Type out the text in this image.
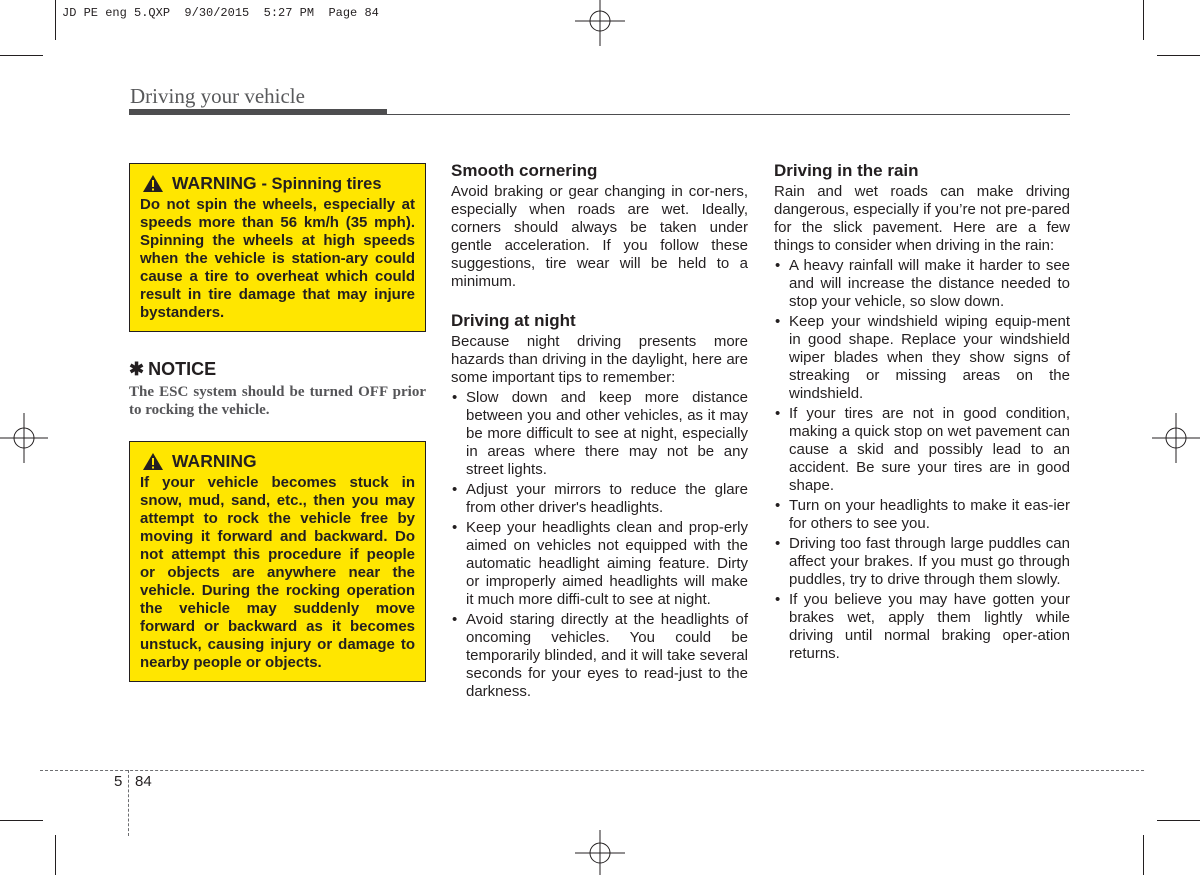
JD PE eng 5.QXP  9/30/2015  5:27 PM  Page 84
Driving your vehicle
WARNING - Spinning tires
Do not spin the wheels, especially at speeds more than 56 km/h (35 mph). Spinning the wheels at high speeds when the vehicle is station-ary could cause a tire to overheat which could result in tire damage that may injure bystanders.
✱ NOTICE
The ESC system should be turned OFF prior to rocking the vehicle.
WARNING
If your vehicle becomes stuck in snow, mud, sand, etc., then you may attempt to rock the vehicle free by moving it forward and backward. Do not attempt this procedure if people or objects are anywhere near the vehicle. During the rocking operation the vehicle may suddenly move forward or backward as it becomes unstuck, causing injury or damage to nearby people or objects.
Smooth cornering

Avoid braking or gear changing in cor-ners, especially when roads are wet. Ideally, corners should always be taken under gentle acceleration. If you follow these suggestions, tire wear will be held to a minimum.

Driving at night

Because night driving presents more hazards than driving in the daylight, here are some important tips to remember:

• Slow down and keep more distance between you and other vehicles, as it may be more difficult to see at night, especially in areas where there may not be any street lights.
• Adjust your mirrors to reduce the glare from other driver's headlights.
• Keep your headlights clean and prop-erly aimed on vehicles not equipped with the automatic headlight aiming feature. Dirty or improperly aimed headlights will make it much more diffi-cult to see at night.
• Avoid staring directly at the headlights of oncoming vehicles. You could be temporarily blinded, and it will take several seconds for your eyes to read-just to the darkness.
Driving in the rain

Rain and wet roads can make driving dangerous, especially if you’re not pre-pared for the slick pavement. Here are a few things to consider when driving in the rain:

• A heavy rainfall will make it harder to see and will increase the distance needed to stop your vehicle, so slow down.
• Keep your windshield wiping equip-ment in good shape. Replace your windshield wiper blades when they show signs of streaking or missing areas on the windshield.
• If your tires are not in good condition, making a quick stop on wet pavement can cause a skid and possibly lead to an accident. Be sure your tires are in good shape.
• Turn on your headlights to make it eas-ier for others to see you.
• Driving too fast through large puddles can affect your brakes. If you must go through puddles, try to drive through them slowly.
• If you believe you may have gotten your brakes wet, apply them lightly while driving until normal braking oper-ation returns.
5 84
